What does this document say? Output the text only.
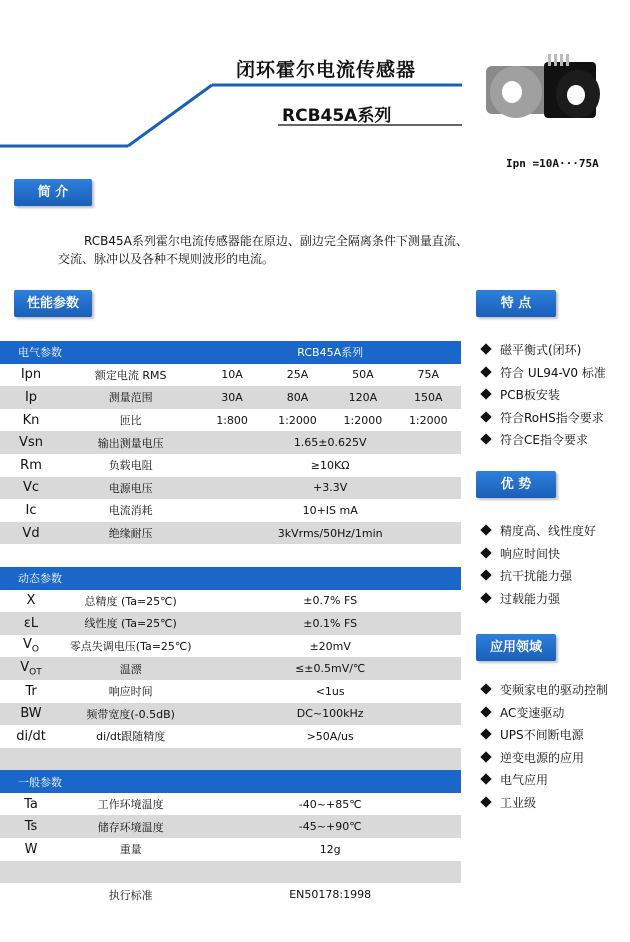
闭环霍尔电流传感器
RCB45A系列
Ipn =10A···75A
简 介
RCB45A系列霍尔电流传感器能在原边、副边完全隔离条件下测量直流、交流、脉冲以及各种不规则波形的电流。
性能参数
电气参数		RCB45A系列			
Ipn	额定电流 RMS	10A	25A	50A	75A
Ip	测量范围	30A	80A	120A	150A
Kn	匝比	1:800	1:2000	1:2000	1:2000
Vsn	输出测量电压	1.65±0.625V			
Rm	负载电阻	≥10KΩ			
Vc	电源电压	+3.3V			
Ic	电流消耗	10+IS mA			
Vd	绝缘耐压	3kVrms/50Hz/1min			

动态参数					
X	总精度 (Ta=25℃)	±0.7% FS			
εL	线性度 (Ta=25℃)	±0.1% FS			
$V_O$	零点失调电压(Ta=25℃)	±20mV			
$V_{OT}$	温漂	≤±0.5mV/℃			
Tr	响应时间	<1us			
BW	频带宽度(-0.5dB)	DC~100kHz			
di/dt	di/dt跟随精度	>50A/us			

一般参数					
Ta	工作环境温度	-40~+85℃			
Ts	储存环境温度	-45~+90℃			
W	重量	12g			

	执行标准	EN50178:1998			
特 点
磁平衡式(闭环)
符合 UL94-V0 标准
PCB板安装
符合RoHS指令要求
符合CE指令要求
优 势
精度高、线性度好
响应时间快
抗干扰能力强
过载能力强
应用领域
变频家电的驱动控制
AC变速驱动
UPS不间断电源
逆变电源的应用
电气应用
工业级
